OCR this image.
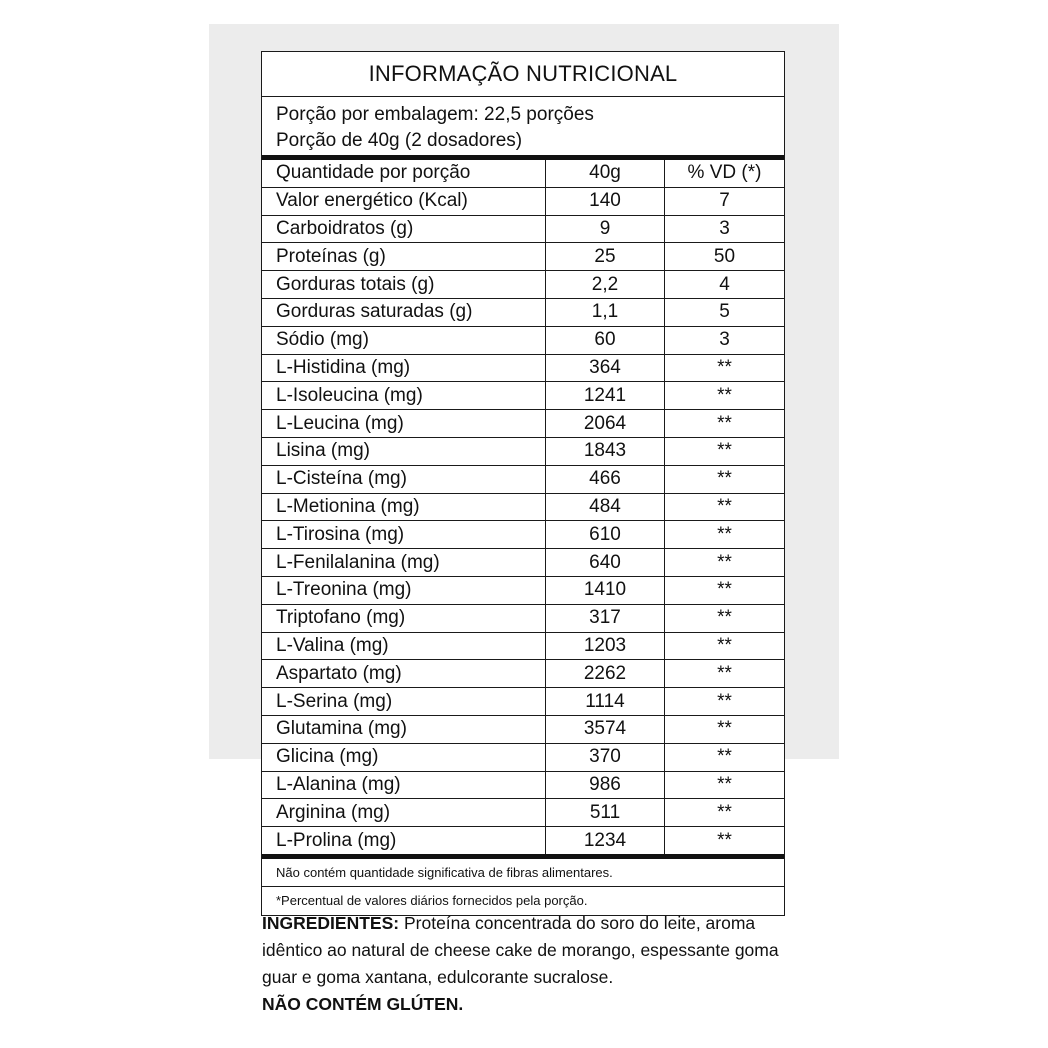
INFORMAÇÃO NUTRICIONAL
Porção por embalagem: 22,5 porções
Porção de 40g (2 dosadores)
Quantidade por porção	40g	% VD (*)
Valor energético (Kcal)	140	7
Carboidratos (g)	9	3
Proteínas (g)	25	50
Gorduras totais (g)	2,2	4
Gorduras saturadas (g)	1,1	5
Sódio (mg)	60	3
L-Histidina (mg)	364	**
L-Isoleucina (mg)	1241	**
L-Leucina (mg)	2064	**
Lisina (mg)	1843	**
L-Cisteína (mg)	466	**
L-Metionina (mg)	484	**
L-Tirosina (mg)	610	**
L-Fenilalanina (mg)	640	**
L-Treonina (mg)	1410	**
Triptofano (mg)	317	**
L-Valina (mg)	1203	**
Aspartato (mg)	2262	**
L-Serina (mg)	1114	**
Glutamina (mg)	3574	**
Glicina (mg)	370	**
L-Alanina (mg)	986	**
Arginina (mg)	511	**
L-Prolina (mg)	1234	**
Não contém quantidade significativa de fibras alimentares.
*Percentual de valores diários fornecidos pela porção.
INGREDIENTES: Proteína concentrada do soro do leite, aroma idêntico ao natural de cheese cake de morango, espessante goma guar e goma xantana, edulcorante sucralose.
NÃO CONTÉM GLÚTEN.
